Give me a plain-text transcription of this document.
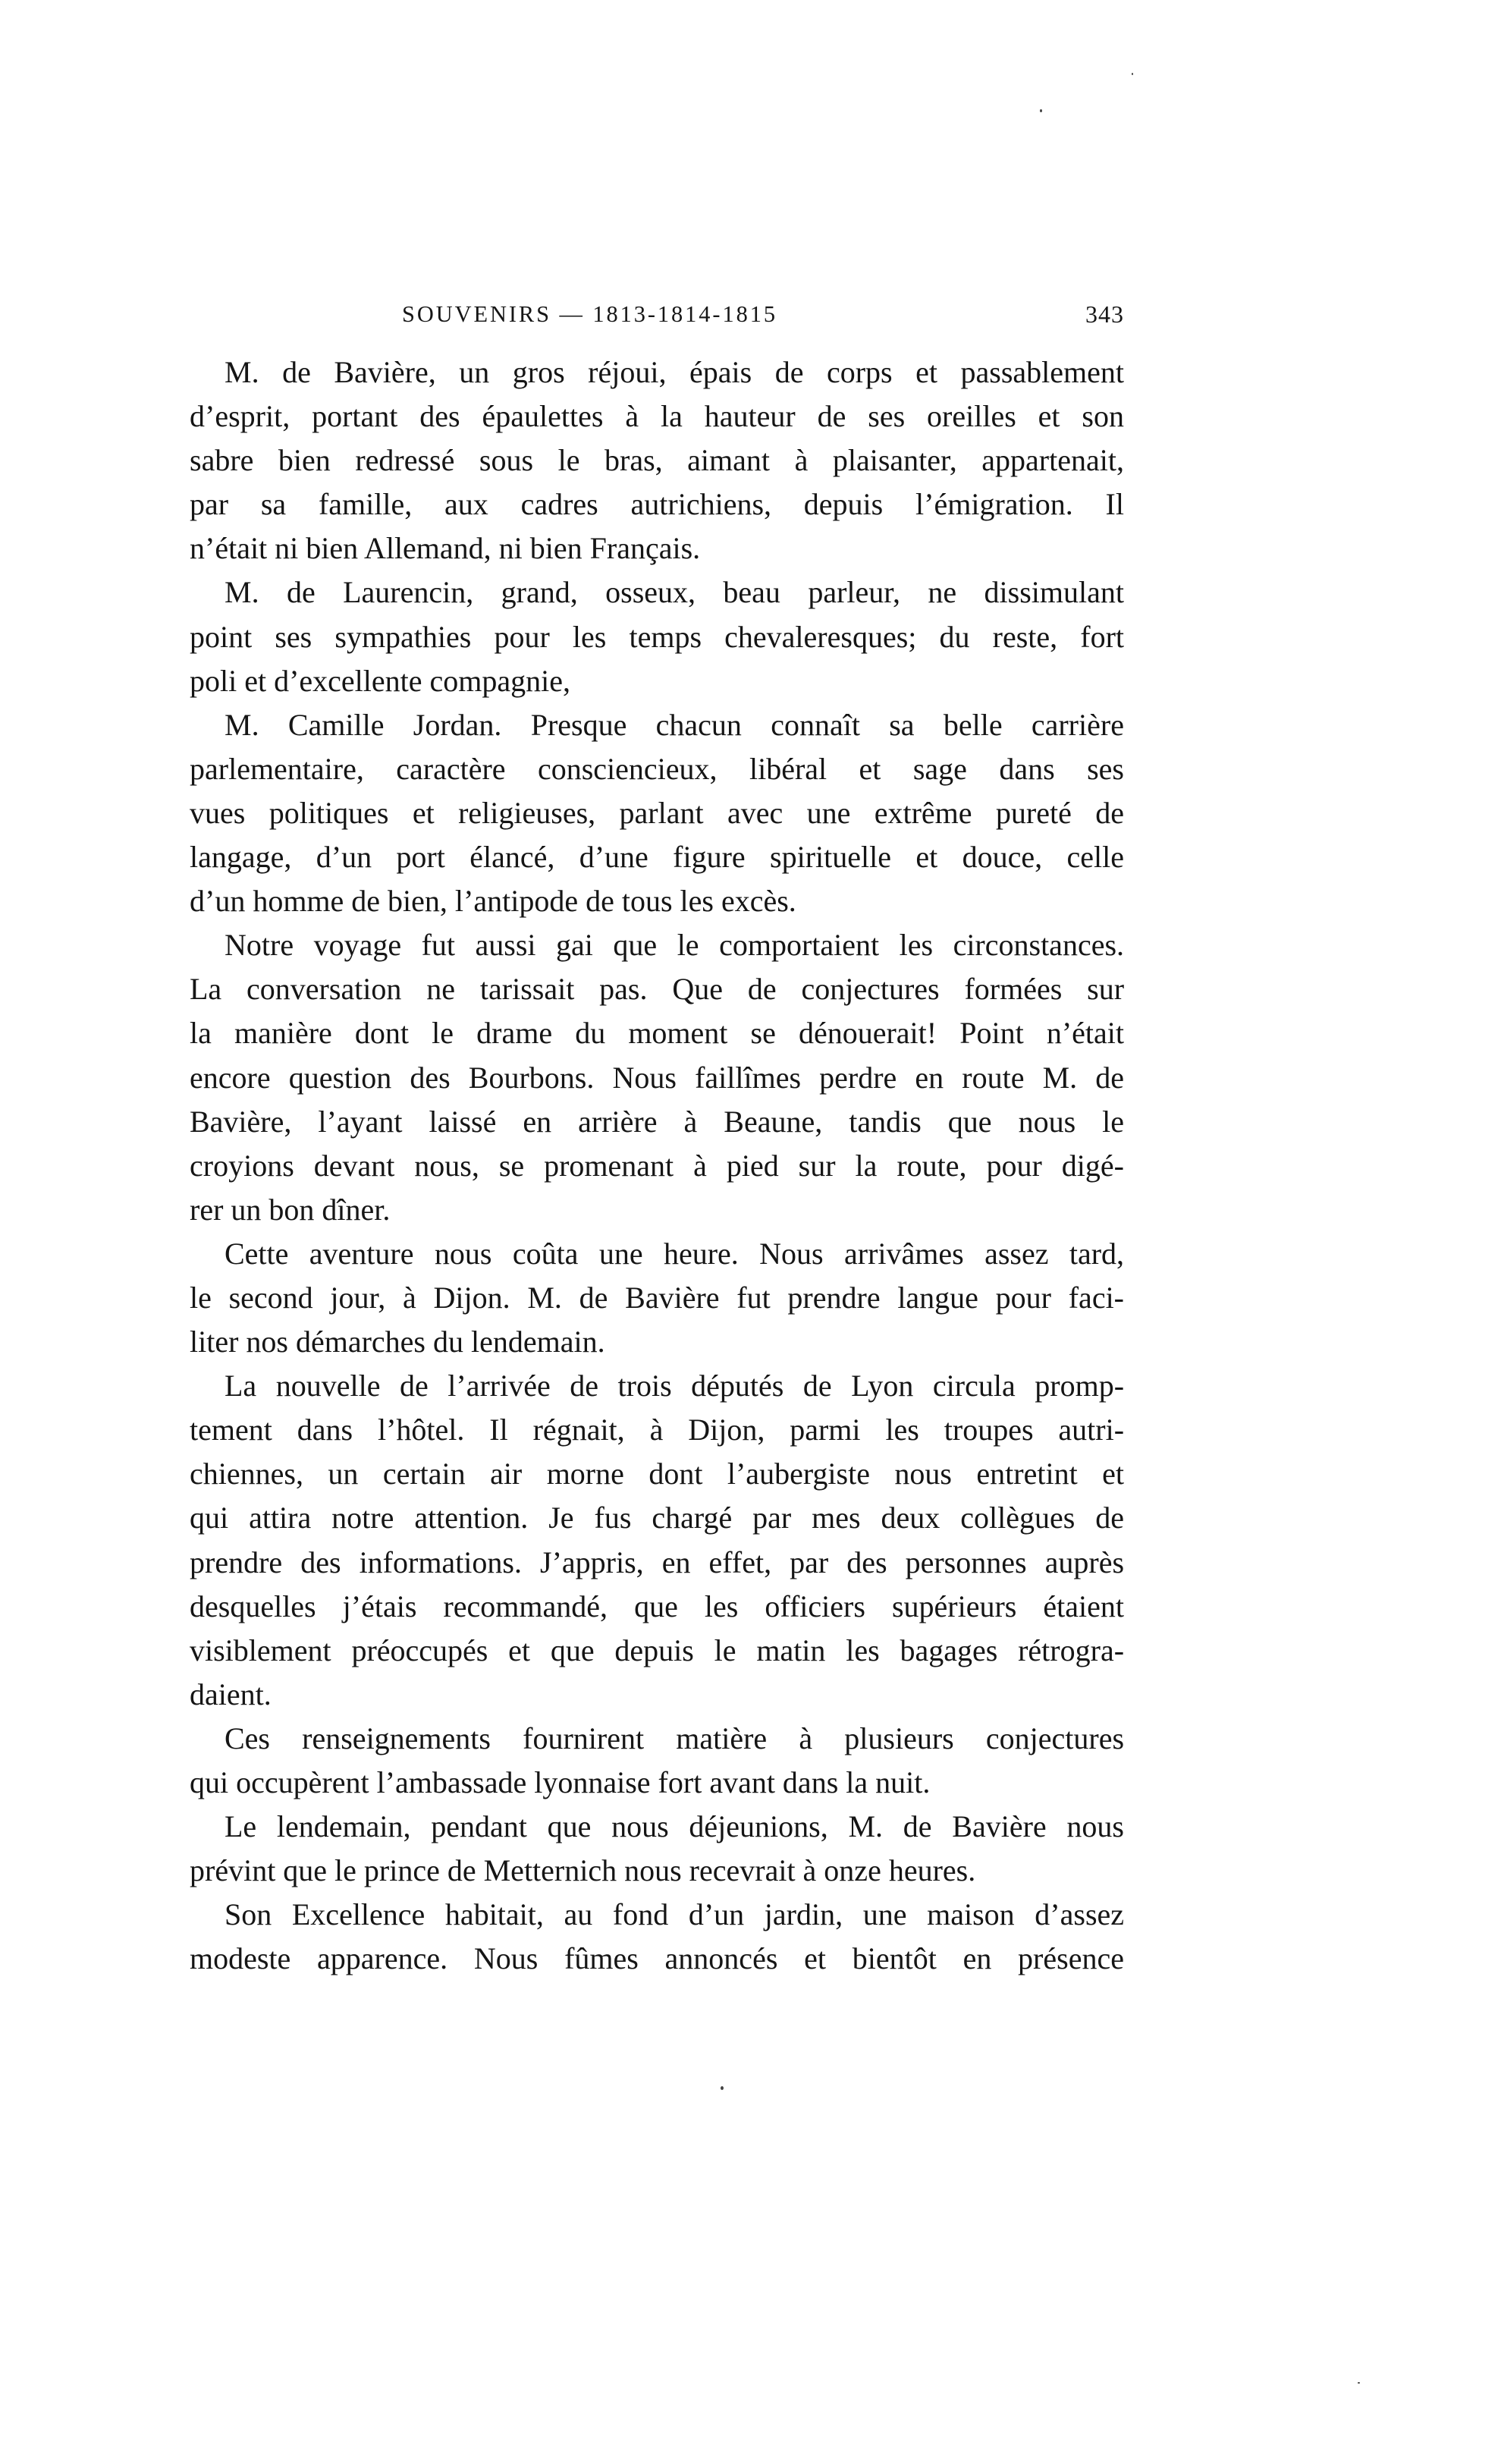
SOUVENIRS — 1813-1814-1815	343
M. de Bavière, un gros réjoui, épais de corps et passablement
d’esprit, portant des épaulettes à la hauteur de ses oreilles et son
sabre bien redressé sous le bras, aimant à plaisanter, appartenait,
par sa famille, aux cadres autrichiens, depuis l’émigration. Il
n’était ni bien Allemand, ni bien Français.
M. de Laurencin, grand, osseux, beau parleur, ne dissimulant
point ses sympathies pour les temps chevaleresques; du reste, fort
poli et d’excellente compagnie,
M. Camille Jordan. Presque chacun connaît sa belle carrière
parlementaire, caractère consciencieux, libéral et sage dans ses
vues politiques et religieuses, parlant avec une extrême pureté de
langage, d’un port élancé, d’une figure spirituelle et douce, celle
d’un homme de bien, l’antipode de tous les excès.
Notre voyage fut aussi gai que le comportaient les circonstances.
La conversation ne tarissait pas. Que de conjectures formées sur
la manière dont le drame du moment se dénouerait! Point n’était
encore question des Bourbons. Nous faillîmes perdre en route M. de
Bavière, l’ayant laissé en arrière à Beaune, tandis que nous le
croyions devant nous, se promenant à pied sur la route, pour digé-
rer un bon dîner.
Cette aventure nous coûta une heure. Nous arrivâmes assez tard,
le second jour, à Dijon. M. de Bavière fut prendre langue pour faci-
liter nos démarches du lendemain.
La nouvelle de l’arrivée de trois députés de Lyon circula promp-
tement dans l’hôtel. Il régnait, à Dijon, parmi les troupes autri-
chiennes, un certain air morne dont l’aubergiste nous entretint et
qui attira notre attention. Je fus chargé par mes deux collègues de
prendre des informations. J’appris, en effet, par des personnes auprès
desquelles j’étais recommandé, que les officiers supérieurs étaient
visiblement préoccupés et que depuis le matin les bagages rétrogra-
daient.
Ces renseignements fournirent matière à plusieurs conjectures
qui occupèrent l’ambassade lyonnaise fort avant dans la nuit.
Le lendemain, pendant que nous déjeunions, M. de Bavière nous
prévint que le prince de Metternich nous recevrait à onze heures.
Son Excellence habitait, au fond d’un jardin, une maison d’assez
modeste apparence. Nous fûmes annoncés et bientôt en présence
